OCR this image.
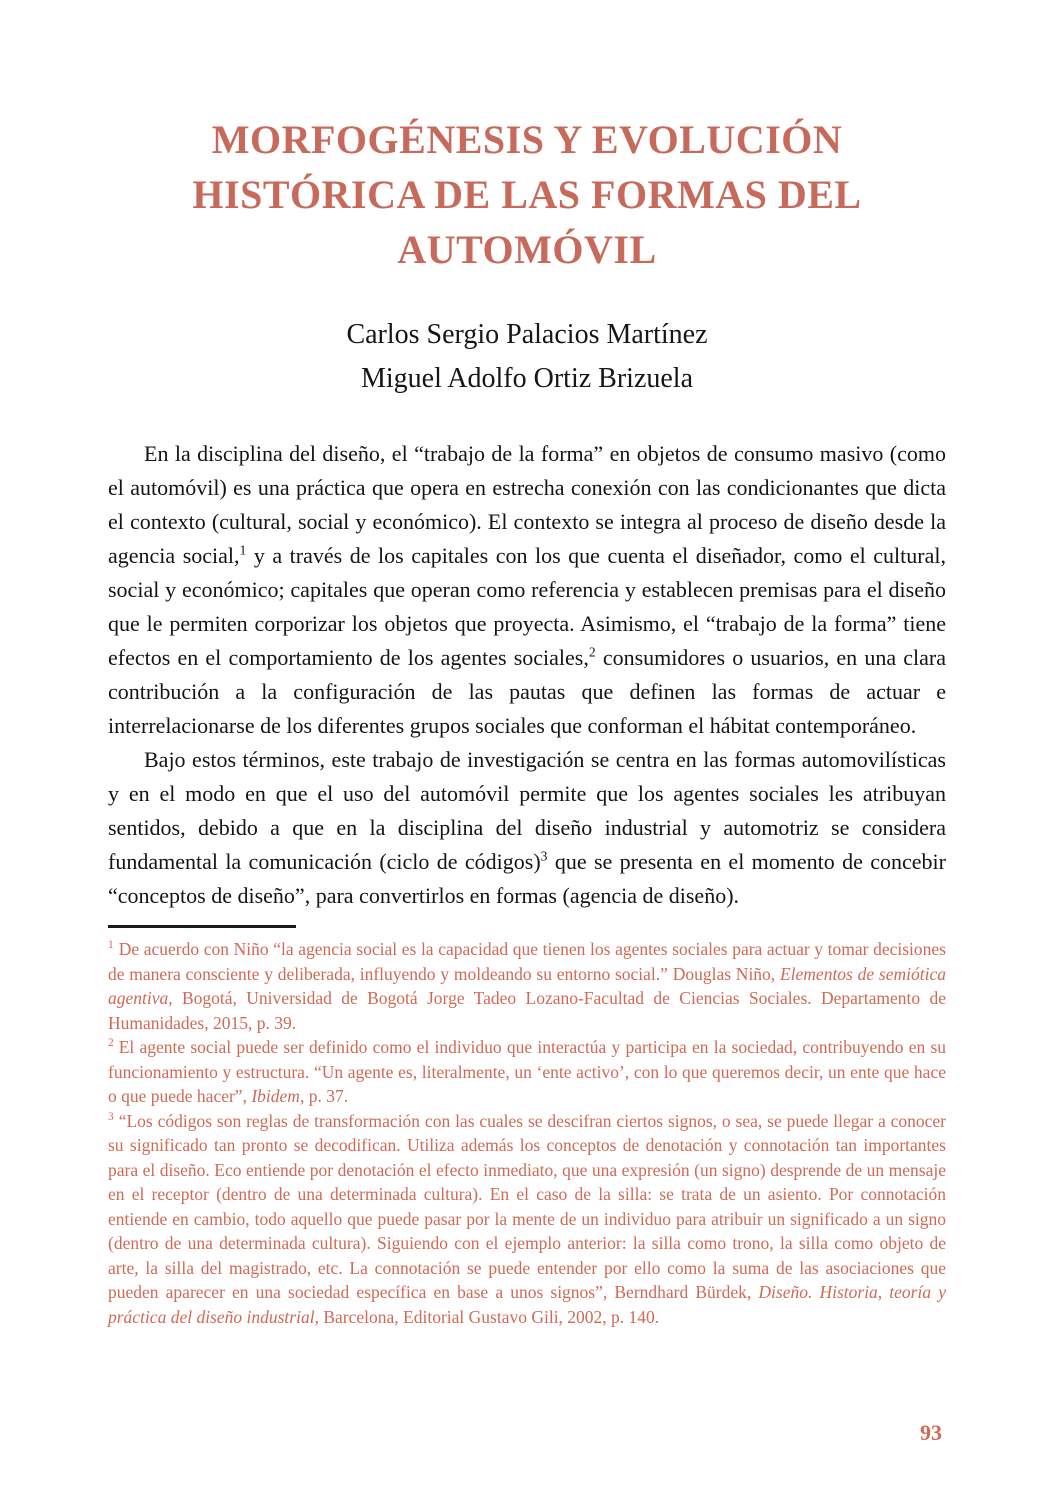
MORFOGÉNESIS Y EVOLUCIÓN
HISTÓRICA DE LAS FORMAS DEL
AUTOMÓVIL
Carlos Sergio Palacios Martínez
Miguel Adolfo Ortiz Brizuela

En la disciplina del diseño, el “trabajo de la forma” en objetos de consumo masivo (como el automóvil) es una práctica que opera en estrecha conexión con las condicionantes que dicta el contexto (cultural, social y económico). El contexto se integra al proceso de diseño desde la agencia social,$^1$ y a través de los capitales con los que cuenta el diseñador, como el cultural, social y económico; capitales que operan como referencia y establecen premisas para el diseño que le permiten corporizar los objetos que proyecta. Asimismo, el “trabajo de la forma” tiene efectos en el comportamiento de los agentes sociales,$^2$ consumidores o usuarios, en una clara contribución a la configuración de las pautas que definen las formas de actuar e interrelacionarse de los diferentes grupos sociales que conforman el hábitat contemporáneo.

Bajo estos términos, este trabajo de investigación se centra en las formas automovilísticas y en el modo en que el uso del automóvil permite que los agentes sociales les atribuyan sentidos, debido a que en la disciplina del diseño industrial y automotriz se considera fundamental la comunicación (ciclo de códigos)$^3$ que se presenta en el momento de concebir “conceptos de diseño”, para convertirlos en formas (agencia de diseño).

$^1$ De acuerdo con Niño “la agencia social es la capacidad que tienen los agentes sociales para actuar y tomar decisiones de manera consciente y deliberada, influyendo y moldeando su entorno social.” Douglas Niño, Elementos de semiótica agentiva, Bogotá, Universidad de Bogotá Jorge Tadeo Lozano-Facultad de Ciencias Sociales. Departamento de Humanidades, 2015, p. 39.

$^2$ El agente social puede ser definido como el individuo que interactúa y participa en la sociedad, contribuyendo en su funcionamiento y estructura. “Un agente es, literalmente, un ‘ente activo’, con lo que queremos decir, un ente que hace o que puede hacer”, Ibidem, p. 37.

$^3$ “Los códigos son reglas de transformación con las cuales se descifran ciertos signos, o sea, se puede llegar a conocer su significado tan pronto se decodifican. Utiliza además los conceptos de denotación y connotación tan importantes para el diseño. Eco entiende por denotación el efecto inmediato, que una expresión (un signo) desprende de un mensaje en el receptor (dentro de una determinada cultura). En el caso de la silla: se trata de un asiento. Por connotación entiende en cambio, todo aquello que puede pasar por la mente de un individuo para atribuir un significado a un signo (dentro de una determinada cultura). Siguiendo con el ejemplo anterior: la silla como trono, la silla como objeto de arte, la silla del magistrado, etc. La connotación se puede entender por ello como la suma de las asociaciones que pueden aparecer en una sociedad específica en base a unos signos”, Berndhard Bürdek, Diseño. Historia, teoría y práctica del diseño industrial, Barcelona, Editorial Gustavo Gili, 2002, p. 140.

93
